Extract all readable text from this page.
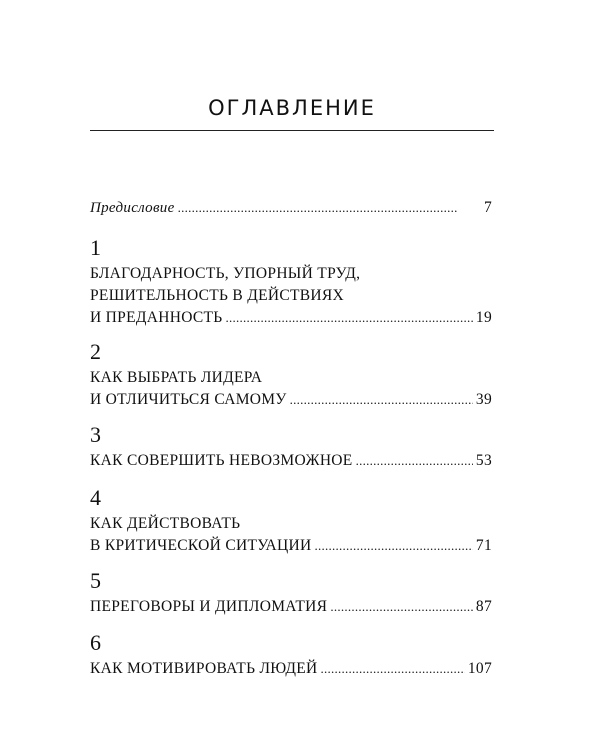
ОГЛАВЛЕНИЕ
Предисловие . . .	7
1
БЛАГОДАРНОСТЬ, УПОРНЫЙ ТРУД,
РЕШИТЕЛЬНОСТЬ В ДЕЙСТВИЯХ
И ПРЕДАННОСТЬ . . .	19
2
КАК ВЫБРАТЬ ЛИДЕРА
И ОТЛИЧИТЬСЯ САМОМУ . . .	39
3
КАК СОВЕРШИТЬ НЕВОЗМОЖНОЕ . . .	53
4
КАК ДЕЙСТВОВАТЬ
В КРИТИЧЕСКОЙ СИТУАЦИИ . . .	71
5
ПЕРЕГОВОРЫ И ДИПЛОМАТИЯ . . .	87
6
КАК МОТИВИРОВАТЬ ЛЮДЕЙ . . .	107
